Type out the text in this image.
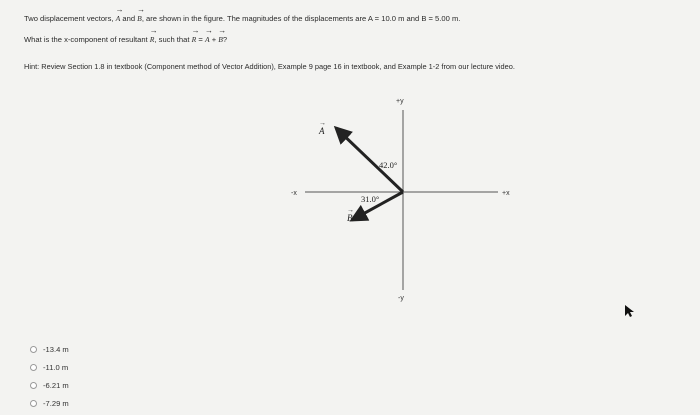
Two displacement vectors, → A and → B, are shown in the figure. The magnitudes of the displacements are A = 10.0 m and B = 5.00 m.
What is the x-component of resultant → R, such that → R = → A + → B?
Hint: Review Section 1.8 in textbook (Component method of Vector Addition), Example 9 page 16 in textbook, and Example 1-2 from our lecture video.
+y
-y
+x
-x
42.0°
31.0°
A
→
B
→
-13.4 m
-11.0 m
-6.21 m
-7.29 m
